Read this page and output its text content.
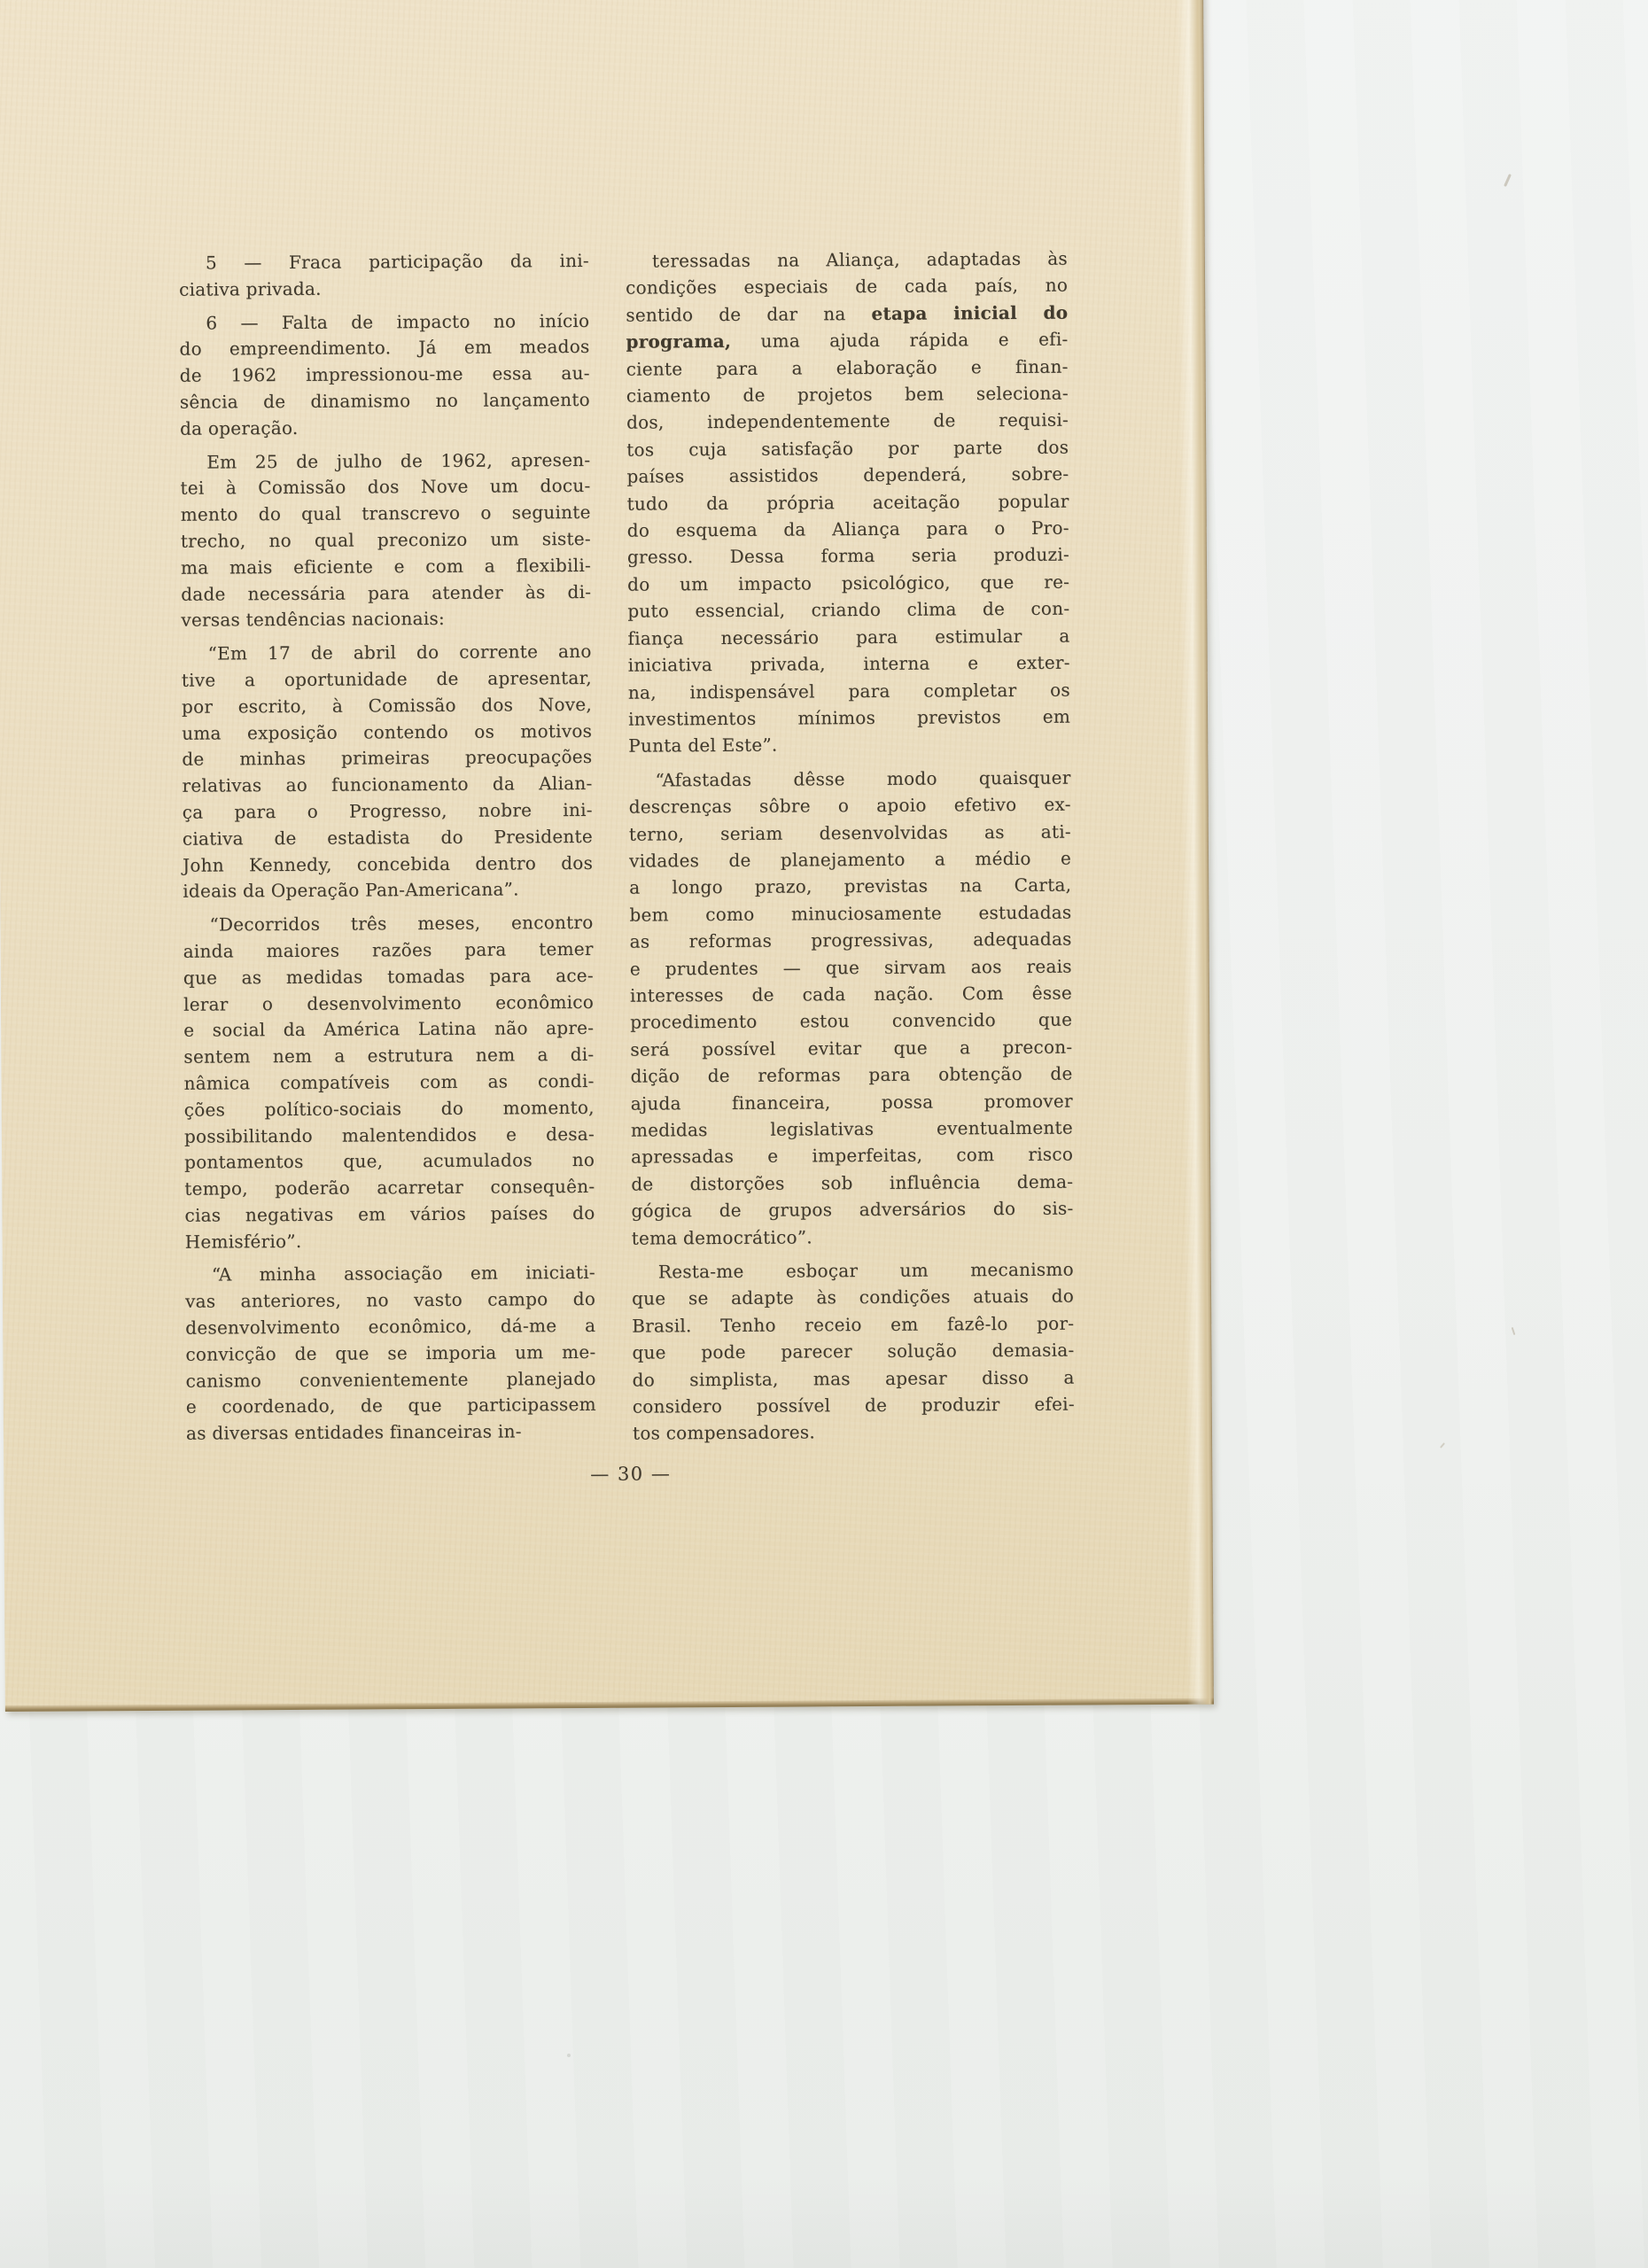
5 — Fraca participação da ini-
ciativa privada.
6 — Falta de impacto no início
do empreendimento. Já em meados
de 1962 impressionou-me essa au-
sência de dinamismo no lançamento
da operação.
Em 25 de julho de 1962, apresen-
tei à Comissão dos Nove um docu-
mento do qual transcrevo o seguinte
trecho, no qual preconizo um siste-
ma mais eficiente e com a flexibili-
dade necessária para atender às di-
versas tendências nacionais:
“Em 17 de abril do corrente ano
tive a oportunidade de apresentar,
por escrito, à Comissão dos Nove,
uma exposição contendo os motivos
de minhas primeiras preocupações
relativas ao funcionamento da Alian-
ça para o Progresso, nobre ini-
ciativa de estadista do Presidente
John Kennedy, concebida dentro dos
ideais da Operação Pan-Americana”.
“Decorridos três meses, encontro
ainda maiores razões para temer
que as medidas tomadas para ace-
lerar o desenvolvimento econômico
e social da América Latina não apre-
sentem nem a estrutura nem a di-
nâmica compatíveis com as condi-
ções político-sociais do momento,
possibilitando malentendidos e desa-
pontamentos que, acumulados no
tempo, poderão acarretar consequên-
cias negativas em vários países do
Hemisfério”.
“A minha associação em iniciati-
vas anteriores, no vasto campo do
desenvolvimento econômico, dá-me a
convicção de que se imporia um me-
canismo convenientemente planejado
e coordenado, de que participassem
as diversas entidades financeiras in-
teressadas na Aliança, adaptadas às
condições especiais de cada país, no
sentido de dar na etapa inicial do
programa, uma ajuda rápida e efi-
ciente para a elaboração e finan-
ciamento de projetos bem seleciona-
dos, independentemente de requisi-
tos cuja satisfação por parte dos
países assistidos dependerá, sobre-
tudo da própria aceitação popular
do esquema da Aliança para o Pro-
gresso. Dessa forma seria produzi-
do um impacto psicológico, que re-
puto essencial, criando clima de con-
fiança necessário para estimular a
iniciativa privada, interna e exter-
na, indispensável para completar os
investimentos mínimos previstos em
Punta del Este”.
“Afastadas dêsse modo quaisquer
descrenças sôbre o apoio efetivo ex-
terno, seriam desenvolvidas as ati-
vidades de planejamento a médio e
a longo prazo, previstas na Carta,
bem como minuciosamente estudadas
as reformas progressivas, adequadas
e prudentes — que sirvam aos reais
interesses de cada nação. Com êsse
procedimento estou convencido que
será possível evitar que a precon-
dição de reformas para obtenção de
ajuda financeira, possa promover
medidas legislativas eventualmente
apressadas e imperfeitas, com risco
de distorções sob influência dema-
gógica de grupos adversários do sis-
tema democrático”.
Resta-me esboçar um mecanismo
que se adapte às condições atuais do
Brasil. Tenho receio em fazê-lo por-
que pode parecer solução demasia-
do simplista, mas apesar disso a
considero possível de produzir efei-
tos compensadores.
— 30 —
